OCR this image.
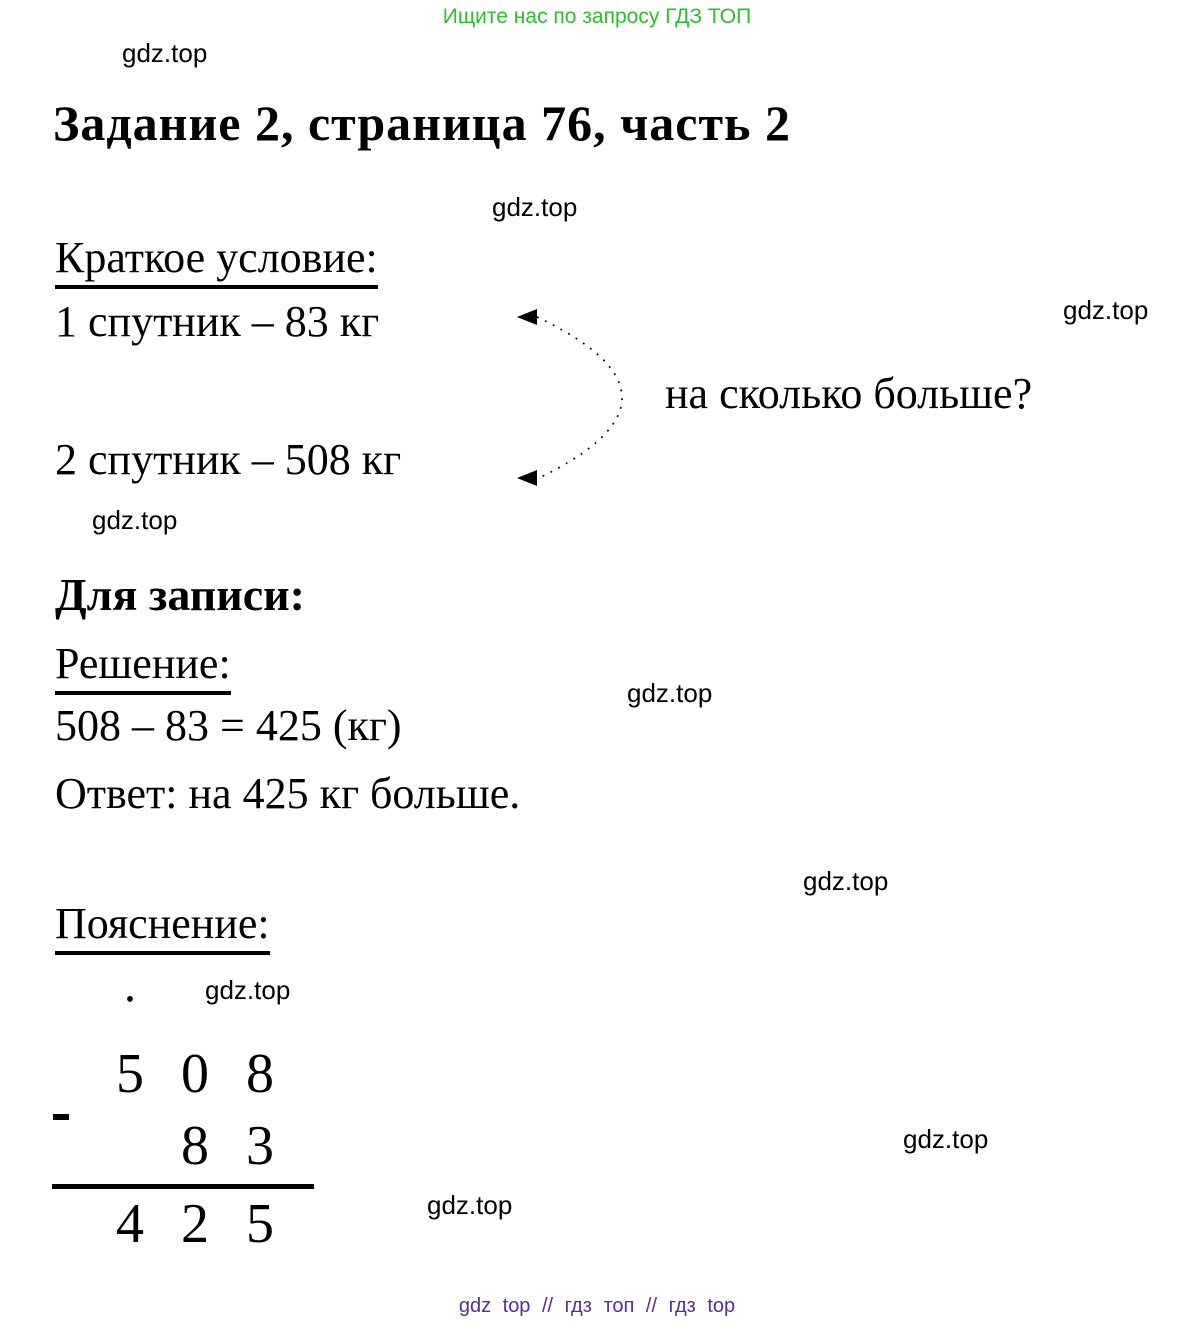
Ищите нас по запросу ГДЗ ТОП
gdz.top
gdz.top
gdz.top
gdz.top
gdz.top
gdz.top
gdz.top
gdz.top
gdz.top
Задание 2, страница 76, часть 2
Краткое условие:
1 спутник – 83 кг
на сколько больше?
2 спутник – 508 кг
Для записи:
Решение:
508 – 83 = 425 (кг)
Ответ: на 425 кг больше.
Пояснение:
•
5 0 8
8 3
4 2 5
gdz top // гдз топ // гдз top
